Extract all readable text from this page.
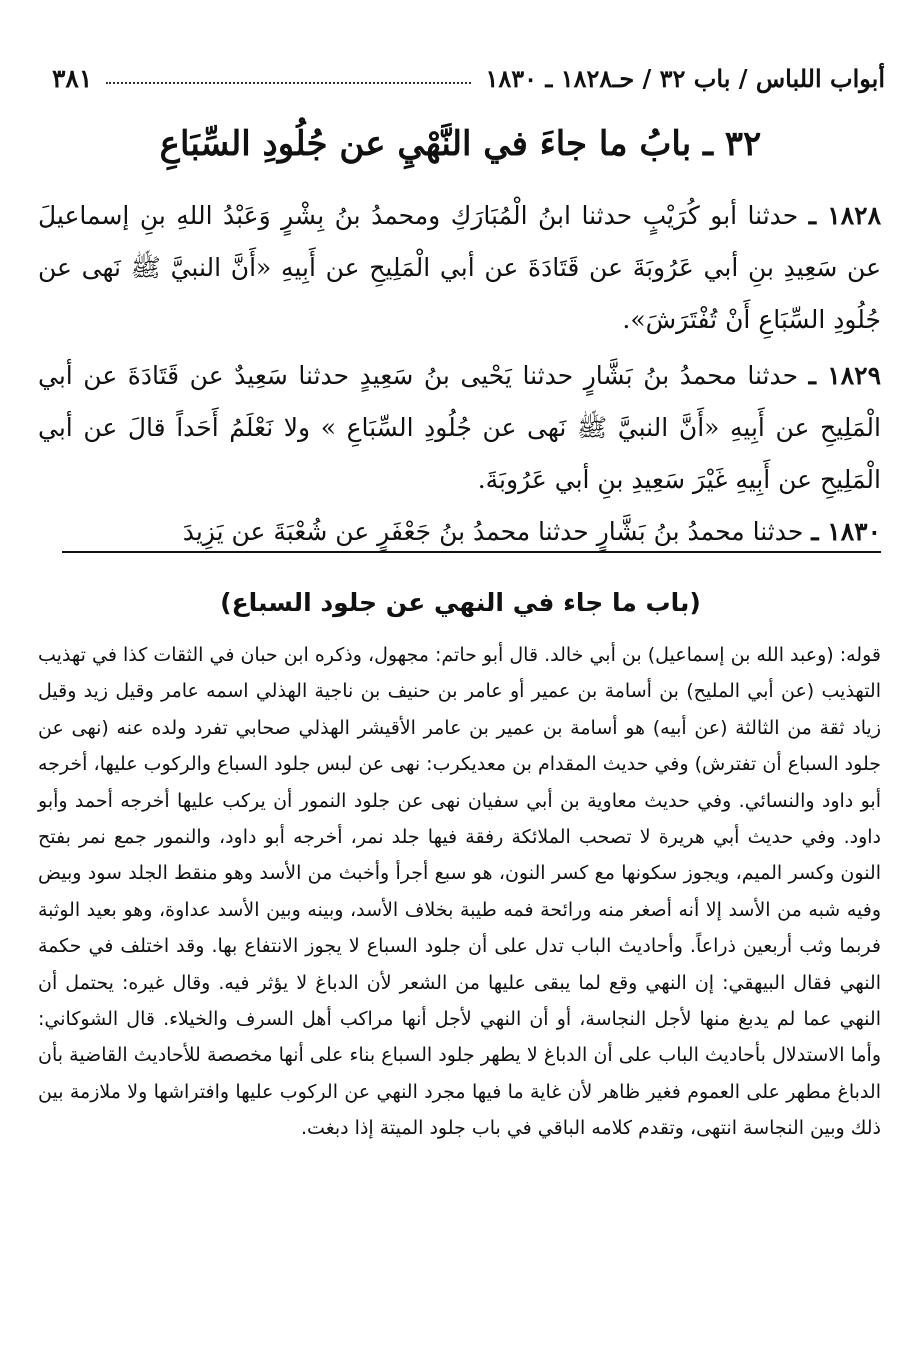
أبواب اللباس / باب ٣٢ / حـ١٨٢٨ ـ ١٨٣٠
٣٨١
٣٢ ـ بابُ ما جاءَ في النَّهْيِ عن جُلُودِ السِّبَاعِ

١٨٢٨ ـ حدثنا أبو كُرَيْبٍ حدثنا ابنُ الْمُبَارَكِ ومحمدُ بنُ بِشْرٍ وَعَبْدُ اللهِ بنِ إسماعيلَ عن سَعِيدِ بنِ أبي عَرُوبَةَ عن قَتَادَةَ عن أبي الْمَلِيحِ عن أَبِيهِ «أَنَّ النبيَّ ﷺ نَهى عن جُلُودِ السِّبَاعِ أَنْ تُفْتَرَشَ».

١٨٢٩ ـ حدثنا محمدُ بنُ بَشَّارٍ حدثنا يَحْيى بنُ سَعِيدٍ حدثنا سَعِيدٌ عن قَتَادَةَ عن أبي الْمَلِيحِ عن أَبِيهِ «أَنَّ النبيَّ ﷺ نَهى عن جُلُودِ السِّبَاعِ » ولا نَعْلَمُ أَحَداً قالَ عن أبي الْمَلِيحِ عن أَبِيهِ غَيْرَ سَعِيدِ بنِ أبي عَرُوبَةَ.

١٨٣٠ ـ حدثنا محمدُ بنُ بَشَّارٍ حدثنا محمدُ بنُ جَعْفَرٍ عن شُعْبَةَ عن يَزِيدَ

(باب ما جاء في النهي عن جلود السباع)

قوله: (وعبد الله بن إسماعيل) بن أبي خالد. قال أبو حاتم: مجهول، وذكره ابن حبان في الثقات كذا في تهذيب التهذيب (عن أبي المليح) بن أسامة بن عمير أو عامر بن حنيف بن ناجية الهذلي اسمه عامر وقيل زيد وقيل زياد ثقة من الثالثة (عن أبيه) هو أسامة بن عمير بن عامر الأقيشر الهذلي صحابي تفرد ولده عنه (نهى عن جلود السباع أن تفترش) وفي حديث المقدام بن معديكرب: نهى عن لبس جلود السباع والركوب عليها، أخرجه أبو داود والنسائي. وفي حديث معاوية بن أبي سفيان نهى عن جلود النمور أن يركب عليها أخرجه أحمد وأبو داود. وفي حديث أبي هريرة لا تصحب الملائكة رفقة فيها جلد نمر، أخرجه أبو داود، والنمور جمع نمر بفتح النون وكسر الميم، ويجوز سكونها مع كسر النون، هو سبع أجرأ وأخبث من الأسد وهو منقط الجلد سود وبيض وفيه شبه من الأسد إلا أنه أصغر منه ورائحة فمه طيبة بخلاف الأسد، وبينه وبين الأسد عداوة، وهو بعيد الوثبة فربما وثب أربعين ذراعاً. وأحاديث الباب تدل على أن جلود السباع لا يجوز الانتفاع بها. وقد اختلف في حكمة النهي فقال البيهقي: إن النهي وقع لما يبقى عليها من الشعر لأن الدباغ لا يؤثر فيه. وقال غيره: يحتمل أن النهي عما لم يدبغ منها لأجل النجاسة، أو أن النهي لأجل أنها مراكب أهل السرف والخيلاء. قال الشوكاني: وأما الاستدلال بأحاديث الباب على أن الدباغ لا يطهر جلود السباع بناء على أنها مخصصة للأحاديث القاضية بأن الدباغ مطهر على العموم فغير ظاهر لأن غاية ما فيها مجرد النهي عن الركوب عليها وافتراشها ولا ملازمة بين ذلك وبين النجاسة انتهى، وتقدم كلامه الباقي في باب جلود الميتة إذا دبغت.
